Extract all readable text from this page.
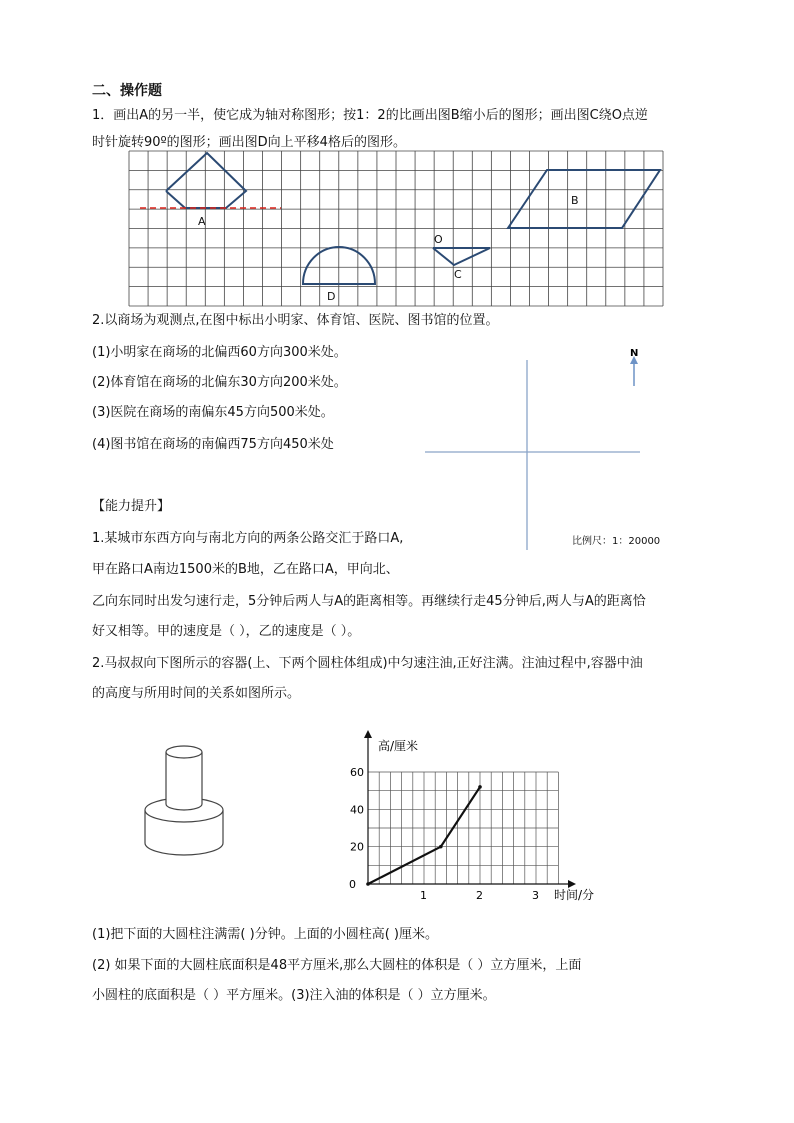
二、操作题
1．画出A的另一半，使它成为轴对称图形；按1：2的比画出图B缩小后的图形；画出图C绕O点逆
时针旋转90º的图形；画出图D向上平移4格后的图形。
A
D
O
C
B
2.以商场为观测点,在图中标出小明家、体育馆、医院、图书馆的位置。
(1)小明家在商场的北偏西60方向300米处。
(2)体育馆在商场的北偏东30方向200米处。
(3)医院在商场的南偏东45方向500米处。
(4)图书馆在商场的南偏西75方向450米处
N
【能力提升】
1.某城市东西方向与南北方向的两条公路交汇于路口A,	比例尺：1：20000
甲在路口A南边1500米的B地，乙在路口A，甲向北、
乙向东同时出发匀速行走，5分钟后两人与A的距离相等。再继续行走45分钟后,两人与A的距离恰
好又相等。甲的速度是（ ），乙的速度是（ ）。
2.马叔叔向下图所示的容器(上、下两个圆柱体组成)中匀速注油,正好注满。注油过程中,容器中油
的高度与所用时间的关系如图所示。
高/厘米
时间/分
0
1	2	3
20
40
60
(1)把下面的大圆柱注满需( )分钟。上面的小圆柱高( )厘米。
(2) 如果下面的大圆柱底面积是48平方厘米,那么大圆柱的体积是（ ）立方厘米，上面
小圆柱的底面积是（ ）平方厘米。(3)注入油的体积是（ ）立方厘米。
